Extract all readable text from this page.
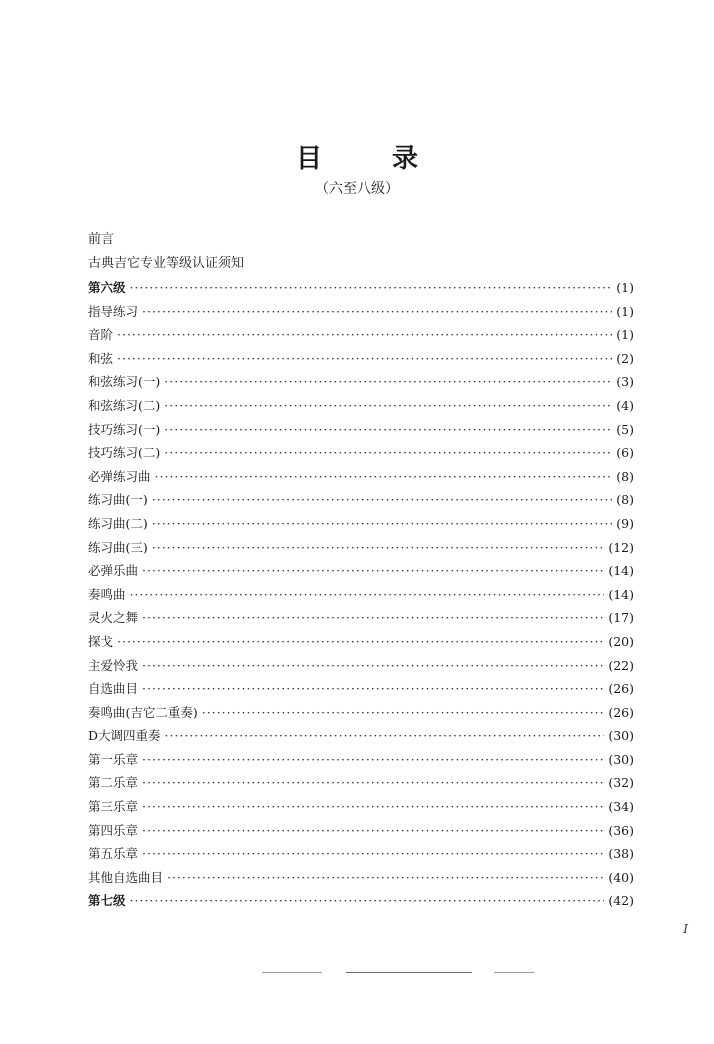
目	录
（六至八级）
前言
古典吉它专业等级认证须知
第六级 ·····	(1)
指导练习 ·····	(1)
音阶 ·····	(1)
和弦 ·····	(2)
和弦练习(一) ·····	(3)
和弦练习(二) ·····	(4)
技巧练习(一) ·····	(5)
技巧练习(二) ·····	(6)
必弹练习曲 ·····	(8)
练习曲(一) ·····	(8)
练习曲(二) ·····	(9)
练习曲(三) ·····	(12)
必弹乐曲 ·····	(14)
奏鸣曲 ·····	(14)
灵火之舞 ·····	(17)
探戈 ·····	(20)
主爱怜我 ·····	(22)
自选曲目 ·····	(26)
奏鸣曲(吉它二重奏) ·····	(26)
D大调四重奏 ·····	(30)
第一乐章 ·····	(30)
第二乐章 ·····	(32)
第三乐章 ·····	(34)
第四乐章 ·····	(36)
第五乐章 ·····	(38)
其他自选曲目 ·····	(40)
第七级 ·····	(42)
I
